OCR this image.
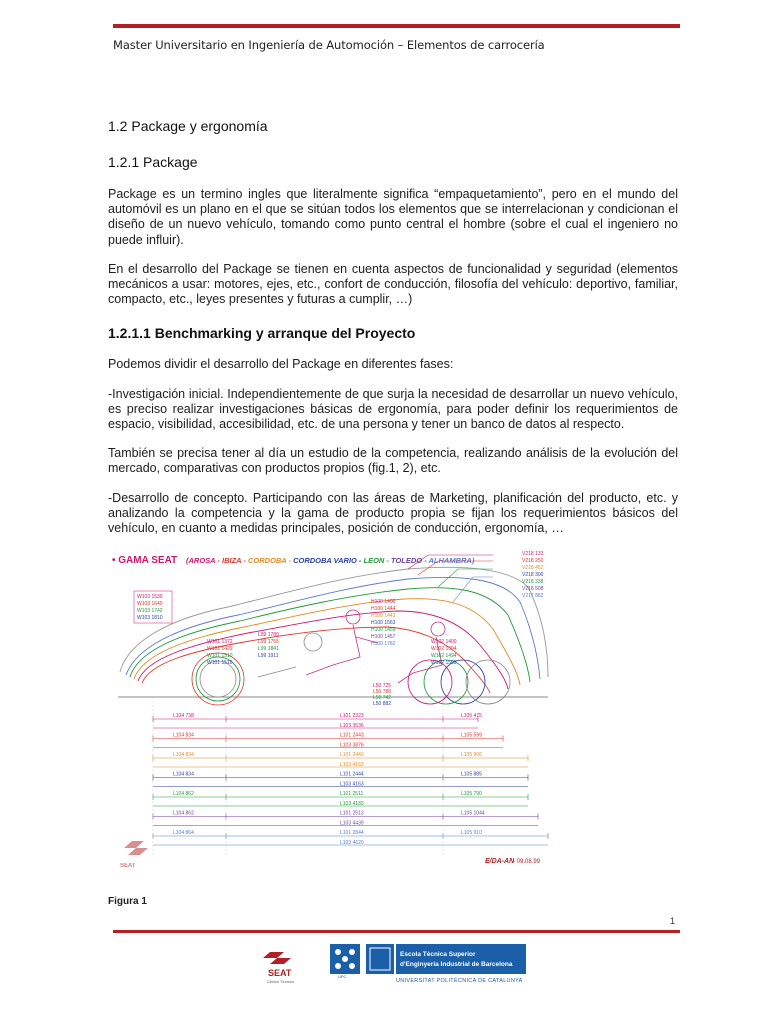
Master Universitario en Ingeniería de Automoción – Elementos de carrocería
1.2 Package y ergonomía
1.2.1 Package

Package es un termino ingles que literalmente significa “empaquetamiento”, pero en el mundo del automóvil es un plano en el que se sitúan todos los elementos que se interrelacionan y condicionan el diseño de un nuevo vehículo, tomando como punto central el hombre (sobre el cual el ingeniero no puede influir).

En el desarrollo del Package se tienen en cuenta aspectos de funcionalidad y seguridad (elementos mecánicos a usar: motores, ejes, etc., confort de conducción, filosofía del vehículo: deportivo, familiar, compacto, etc., leyes presentes y futuras a cumplir, …)

1.2.1.1 Benchmarking y arranque del Proyecto

Podemos dividir el desarrollo del Package en diferentes fases:

-Investigación inicial. Independientemente de que surja la necesidad de desarrollar un nuevo vehículo, es preciso realizar investigaciones básicas de ergonomía, para poder definir los requerimientos de espacio, visibilidad, accesibilidad, etc. de una persona y tener un banco de datos al respecto.

También se precisa tener al día un estudio de la competencia, realizando análisis de la evolución del mercado, comparativas con productos propios (fig.1, 2), etc.

-Desarrollo de concepto. Participando con las áreas de Marketing, planificación del producto, etc. y analizando la competencia y la gama de producto propia se fijan los requerimientos básicos del vehículo, en cuanto a medidas principales, posición de conducción, ergonomía, …

• GAMA SEAT (AROSA - IBIZA - CORDOBA - CORDOBA VARIO - LEON - TOLEDO - ALHAMBRA)
W103 1539
W103 1640
W103 1742
W103 1810
W101 1372
W101 1429
W101 1510
W101 1510
L99 1780
L99 1755
L99 1841
L99 1911
H100 1400
H100 1444
H100 1443
H100 1563
H100 1459
H100 1457
H100 1782	W102 1400
W102 1394
W102 1494
W102 1505
V218 133
V218 250
V218 452
V218 300
V218 338
V218 508
V217 882
L50 725
L50 780
L50 742
L50 882
L104 738	L101 2323	L105 475
L103 3536
L104 834	L101 2443	L105 599
L103 3876
L104 834	L101 2443	L105 906
L103 4163
L104 834	L101 2444	L105 885
L103 4163
L104 862	L101 2511	L105 790
L103 4183
L104 862	L101 2513	L105 1044
L103 4439
L104 864	L101 2844	L105 910
L103 4620
SEAT
E/DA-AN
- 09.08.99
Figura 1
1
SEAT
Centro Técnico
UPC
Escola Tècnica Superior
d'Enginyeria Industrial de Barcelona
UNIVERSITAT POLITÈCNICA DE CATALUNYA
